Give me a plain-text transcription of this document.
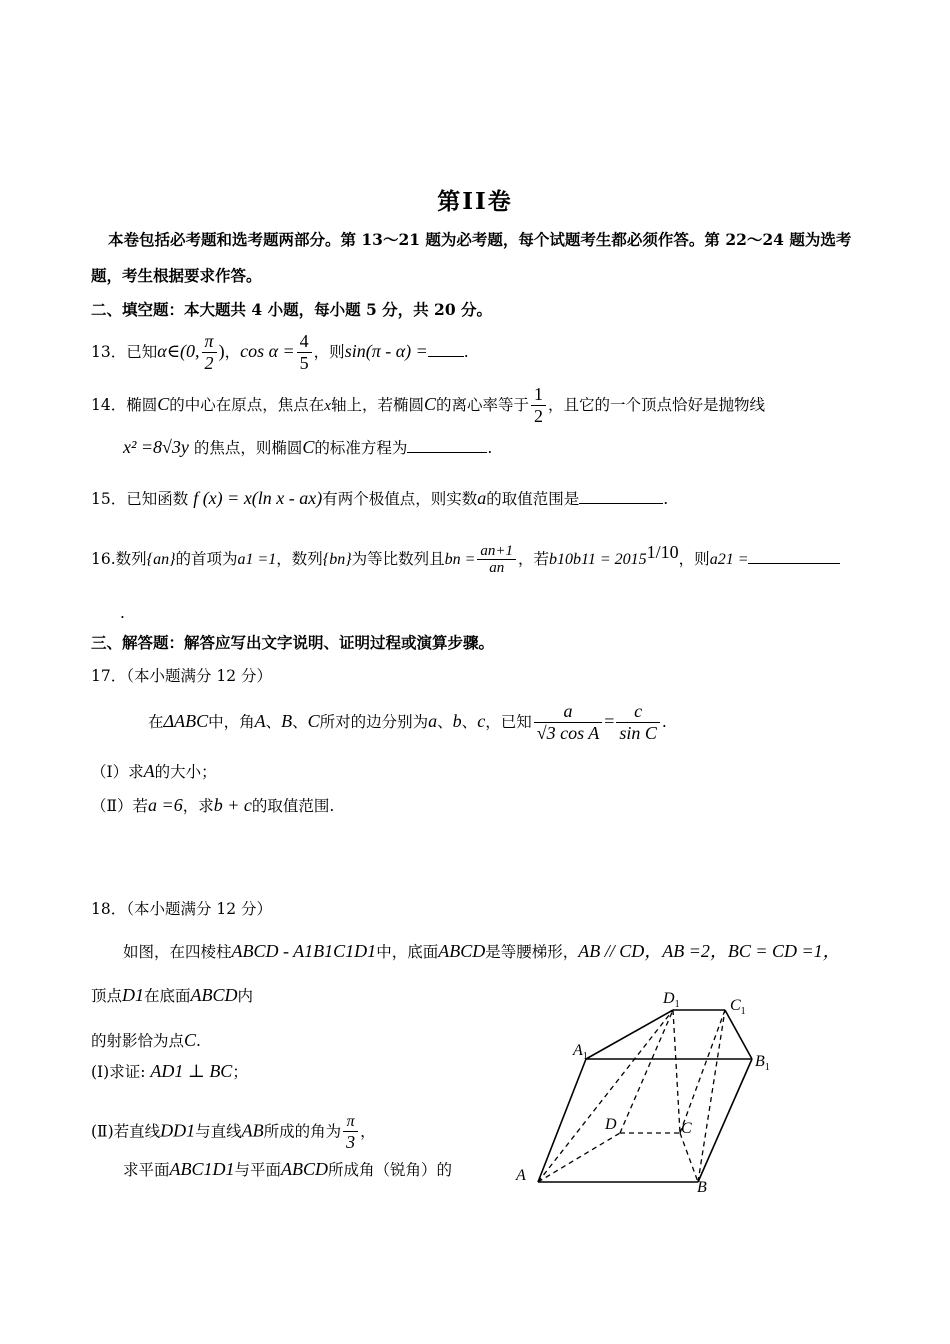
第II卷
本卷包括必考题和选考题两部分。第 13～21 题为必考题，每个试题考生都必须作答。第 22～24 题为选考
题，考生根据要求作答。
二、填空题：本大题共 4 小题，每小题 5 分，共 20 分。
13．已知α∈(0, $\frac{\pi}{2}$ )，$\cos \alpha = \frac{4}{5}$ ，则sin(π - α) = .
14．椭圆C的中心在原点，焦点在x轴上，若椭圆C的离心率等于 $\frac{1}{2}$ ，且它的一个顶点恰好是抛物线
x² =8√3y 的焦点，则椭圆C的标准方程为	.
15．已知函数 f (x) = x(ln x - ax)有两个极值点，则实数a的取值范围是	.
16.数列{an}的首项为a1 =1，数列{bn}为等比数列且bn = $\frac{an+1}{an}$ ，若$b10b11 = 2015^{1/10}$，则a21 =
.
三、解答题：解答应写出文字说明、证明过程或演算步骤。
17．（本小题满分 12 分）
在ΔABC中，角A、B、C所对的边分别为a、b、c，已知 $\frac{a}{\text{√3 cos A}} = \frac{c}{\text{sin C}}$ .
（Ⅰ）求A的大小；
（Ⅱ）若a =6，求b + c的取值范围.
18．（本小题满分 12 分）
如图，在四棱柱ABCD - A1B1C1D1中，底面ABCD是等腰梯形，AB // CD，AB =2，BC = CD =1，
顶点D1在底面ABCD内
的射影恰为点C.
(Ⅰ)求证: AD1 ⊥ BC；
(Ⅱ)若直线DD1与直线AB所成的角为 $\frac{\pi}{3}$ ，
求平面ABC1D1与平面ABCD所成角（锐角）的
$D_1$	$C_1$
$A_1$	$B_1$
D	C
A
B
